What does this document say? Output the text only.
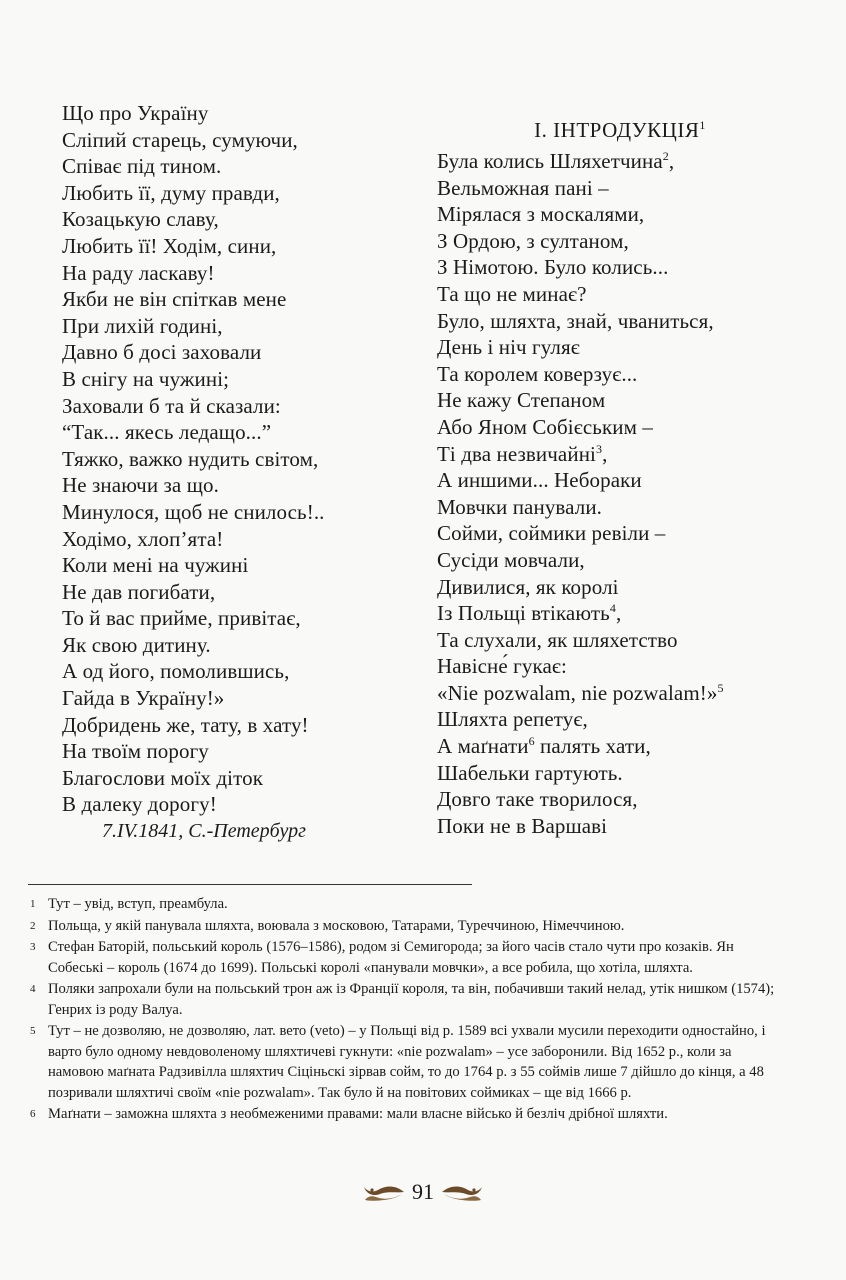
Що про Україну
Сліпий старець, сумуючи,
Співає під тином.
Любить її, думу правди,
Козацькую славу,
Любить її! Ходім, сини,
На раду ласкаву!
Якби не він спіткав мене
При лихій годині,
Давно б досі заховали
В снігу на чужині;
Заховали б та й сказали:
“Так... якесь ледащо...”
Тяжко, важко нудить світом,
Не знаючи за що.
Минулося, щоб не снилось!..
Ходімо, хлоп’ята!
Коли мені на чужині
Не дав погибати,
То й вас прийме, привітає,
Як свою дитину.
А од його, помолившись,
Гайда в Україну!»
Добридень же, тату, в хату!
На твоїм порогу
Благослови моїх діток
В далеку дорогу!
7.IV.1841, С.-Петербург
І. ІНТРОДУКЦІЯ$^1$
Була колись Шляхетчина$^2$,
Вельможная пані –
Мірялася з москалями,
З Ордою, з султаном,
З Німотою. Було колись...
Та що не минає?
Було, шляхта, знай, чваниться,
День і ніч гуляє
Та королем коверзує...
Не кажу Степаном
Або Яном Собієським –
Ті два незвичайні$^3$,
А иншими... Небораки
Мовчки панували.
Сойми, соймики ревіли –
Сусіди мовчали,
Дивилися, як королі
Із Польщі втікають$^4$,
Та слухали, як шляхетство
Навісне́ гукає:
«Nie pozwalam, nie pozwalam!»$^5$
Шляхта репетує,
А маґнати$^6$ палять хати,
Шабельки гартують.
Довго таке творилося,
Поки не в Варшаві
1 Тут – увід, вступ, преамбула.
2 Польща, у якій панувала шляхта, воювала з московою, Татарами, Туреччиною, Німеччиною.
3 Стефан Баторій, польський король (1576–1586), родом зі Семигорода; за його часів стало чути про козаків. Ян Собеські – король (1674 до 1699). Польські королі «панували мовчки», а все робила, що хотіла, шляхта.
4 Поляки запрохали були на польський трон аж із Франції короля, та він, побачивши такий нелад, утік нишком (1574); Генрих із роду Валуа.
5 Тут – не дозволяю, не дозволяю, лат. вето (veto) – у Польщі від р. 1589 всі ухвали мусили переходити одностайно, і варто було одному невдоволеному шляхтичеві гукнути: «nie pozwalam» – усе заборонили. Від 1652 р., коли за намовою маґната Радзивілла шляхтич Сіціньскі зірвав сойм, то до 1764 р. з 55 соймів лише 7 дійшло до кінця, а 48 позривали шляхтичі своїм «nie pozwalam». Так було й на повітових соймиках – ще від 1666 р.
6 Маґнати – заможна шляхта з необмеженими правами: мали власне військо й безліч дрібної шляхти.
91
